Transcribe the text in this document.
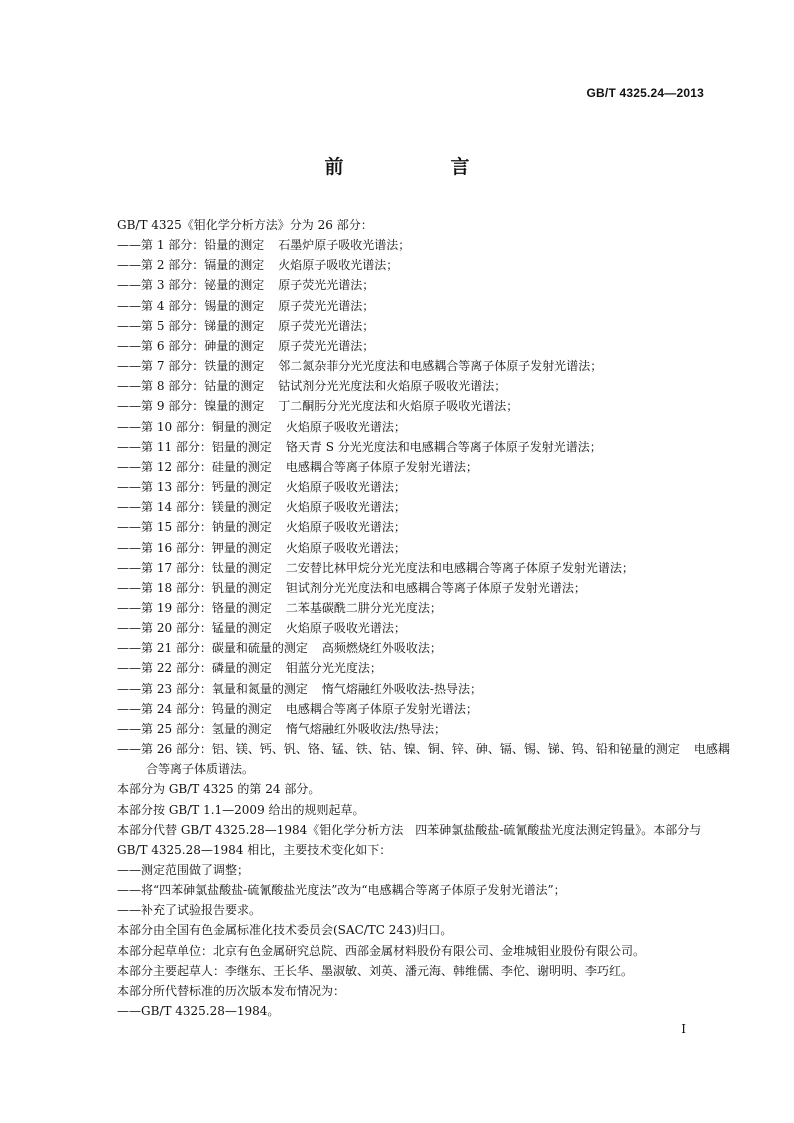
GB/T 4325.24—2013
前　言
GB/T 4325《钼化学分析方法》分为 26 部分：
——第 1 部分：铅量的测定 石墨炉原子吸收光谱法；
——第 2 部分：镉量的测定 火焰原子吸收光谱法；
——第 3 部分：铋量的测定 原子荧光光谱法；
——第 4 部分：锡量的测定 原子荧光光谱法；
——第 5 部分：锑量的测定 原子荧光光谱法；
——第 6 部分：砷量的测定 原子荧光光谱法；
——第 7 部分：铁量的测定 邻二氮杂菲分光光度法和电感耦合等离子体原子发射光谱法；
——第 8 部分：钴量的测定 钴试剂分光光度法和火焰原子吸收光谱法；
——第 9 部分：镍量的测定 丁二酮肟分光光度法和火焰原子吸收光谱法；
——第 10 部分：铜量的测定 火焰原子吸收光谱法；
——第 11 部分：铝量的测定 铬天青 S 分光光度法和电感耦合等离子体原子发射光谱法；
——第 12 部分：硅量的测定 电感耦合等离子体原子发射光谱法；
——第 13 部分：钙量的测定 火焰原子吸收光谱法；
——第 14 部分：镁量的测定 火焰原子吸收光谱法；
——第 15 部分：钠量的测定 火焰原子吸收光谱法；
——第 16 部分：钾量的测定 火焰原子吸收光谱法；
——第 17 部分：钛量的测定 二安替比林甲烷分光光度法和电感耦合等离子体原子发射光谱法；
——第 18 部分：钒量的测定 钽试剂分光光度法和电感耦合等离子体原子发射光谱法；
——第 19 部分：铬量的测定 二苯基碳酰二肼分光光度法；
——第 20 部分：锰量的测定 火焰原子吸收光谱法；
——第 21 部分：碳量和硫量的测定 高频燃烧红外吸收法；
——第 22 部分：磷量的测定 钼蓝分光光度法；
——第 23 部分：氧量和氮量的测定 惰气熔融红外吸收法-热导法；
——第 24 部分：钨量的测定 电感耦合等离子体原子发射光谱法；
——第 25 部分：氢量的测定 惰气熔融红外吸收法/热导法；
——第 26 部分：铝、镁、钙、钒、铬、锰、铁、钴、镍、铜、锌、砷、镉、锡、锑、钨、铅和铋量的测定 电感耦
合等离子体质谱法。
本部分为 GB/T 4325 的第 24 部分。
本部分按 GB/T 1.1—2009 给出的规则起草。
本部分代替 GB/T 4325.28—1984《钼化学分析方法　四苯砷氯盐酸盐-硫氰酸盐光度法测定钨量》。本部分与 GB/T 4325.28—1984 相比，主要技术变化如下：
——测定范围做了调整；
——将“四苯砷氯盐酸盐-硫氰酸盐光度法”改为“电感耦合等离子体原子发射光谱法”；
——补充了试验报告要求。
本部分由全国有色金属标准化技术委员会(SAC/TC 243)归口。
本部分起草单位：北京有色金属研究总院、西部金属材料股份有限公司、金堆城钼业股份有限公司。
本部分主要起草人：李继东、王长华、墨淑敏、刘英、潘元海、韩维儒、李佗、谢明明、李巧红。
本部分所代替标准的历次版本发布情况为：
——GB/T 4325.28—1984。
I
